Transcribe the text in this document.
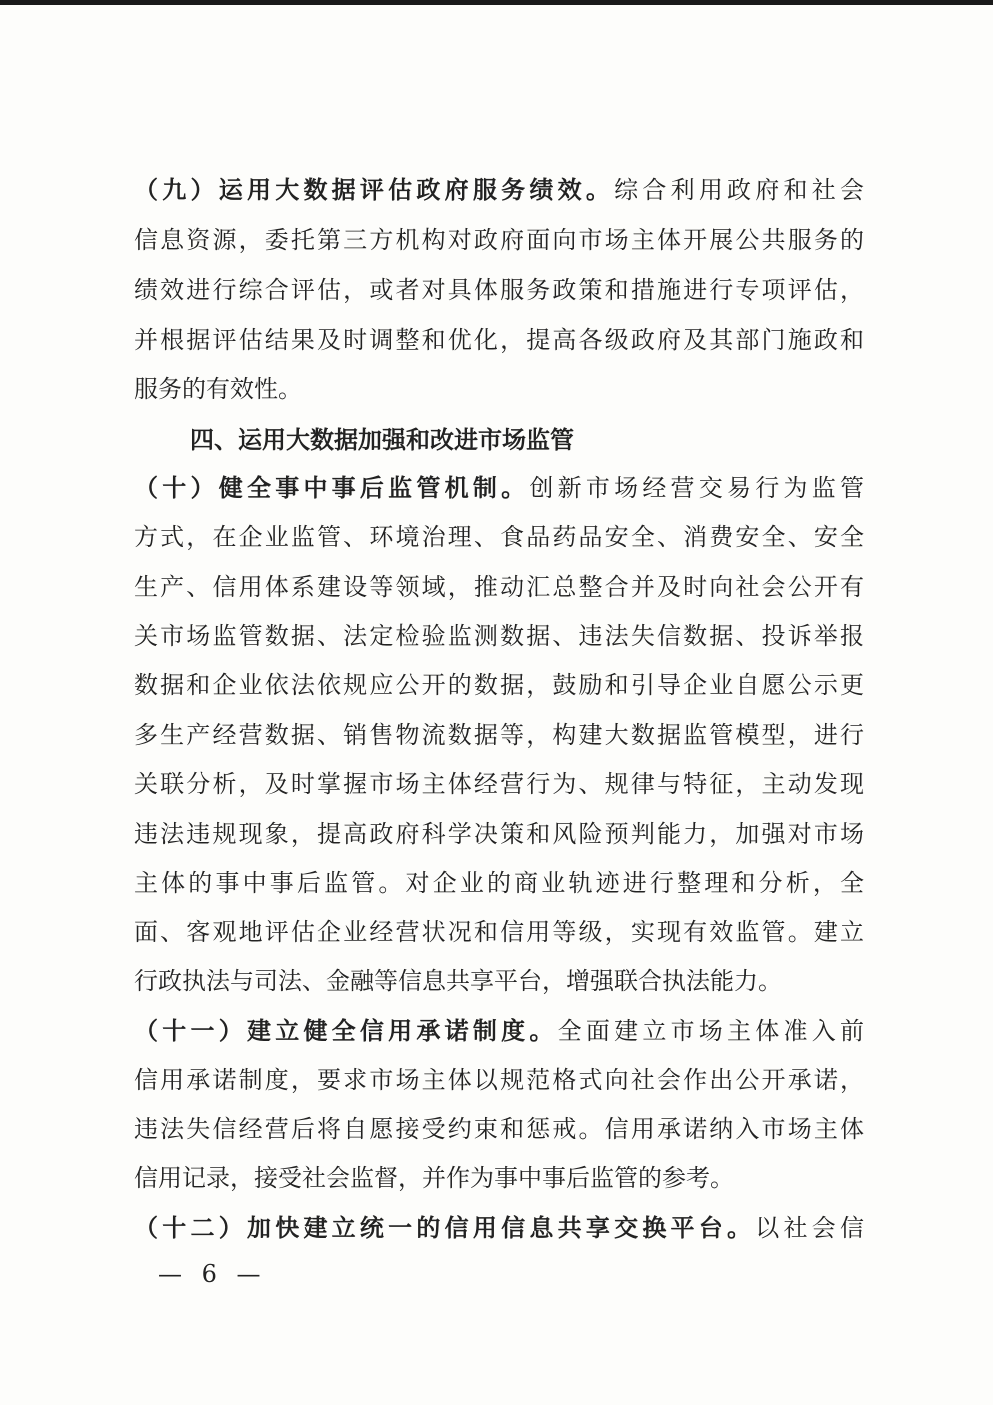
（九）运用大数据评估政府服务绩效。综合利用政府和社会
信息资源，委托第三方机构对政府面向市场主体开展公共服务的
绩效进行综合评估，或者对具体服务政策和措施进行专项评估，
并根据评估结果及时调整和优化，提高各级政府及其部门施政和
服务的有效性。
四、运用大数据加强和改进市场监管
（十）健全事中事后监管机制。创新市场经营交易行为监管
方式，在企业监管、环境治理、食品药品安全、消费安全、安全
生产、信用体系建设等领域，推动汇总整合并及时向社会公开有
关市场监管数据、法定检验监测数据、违法失信数据、投诉举报
数据和企业依法依规应公开的数据，鼓励和引导企业自愿公示更
多生产经营数据、销售物流数据等，构建大数据监管模型，进行
关联分析，及时掌握市场主体经营行为、规律与特征，主动发现
违法违规现象，提高政府科学决策和风险预判能力，加强对市场
主体的事中事后监管。对企业的商业轨迹进行整理和分析，全
面、客观地评估企业经营状况和信用等级，实现有效监管。建立
行政执法与司法、金融等信息共享平台，增强联合执法能力。
（十一）建立健全信用承诺制度。全面建立市场主体准入前
信用承诺制度，要求市场主体以规范格式向社会作出公开承诺，
违法失信经营后将自愿接受约束和惩戒。信用承诺纳入市场主体
信用记录，接受社会监督，并作为事中事后监管的参考。
（十二）加快建立统一的信用信息共享交换平台。以社会信
— 6 —
